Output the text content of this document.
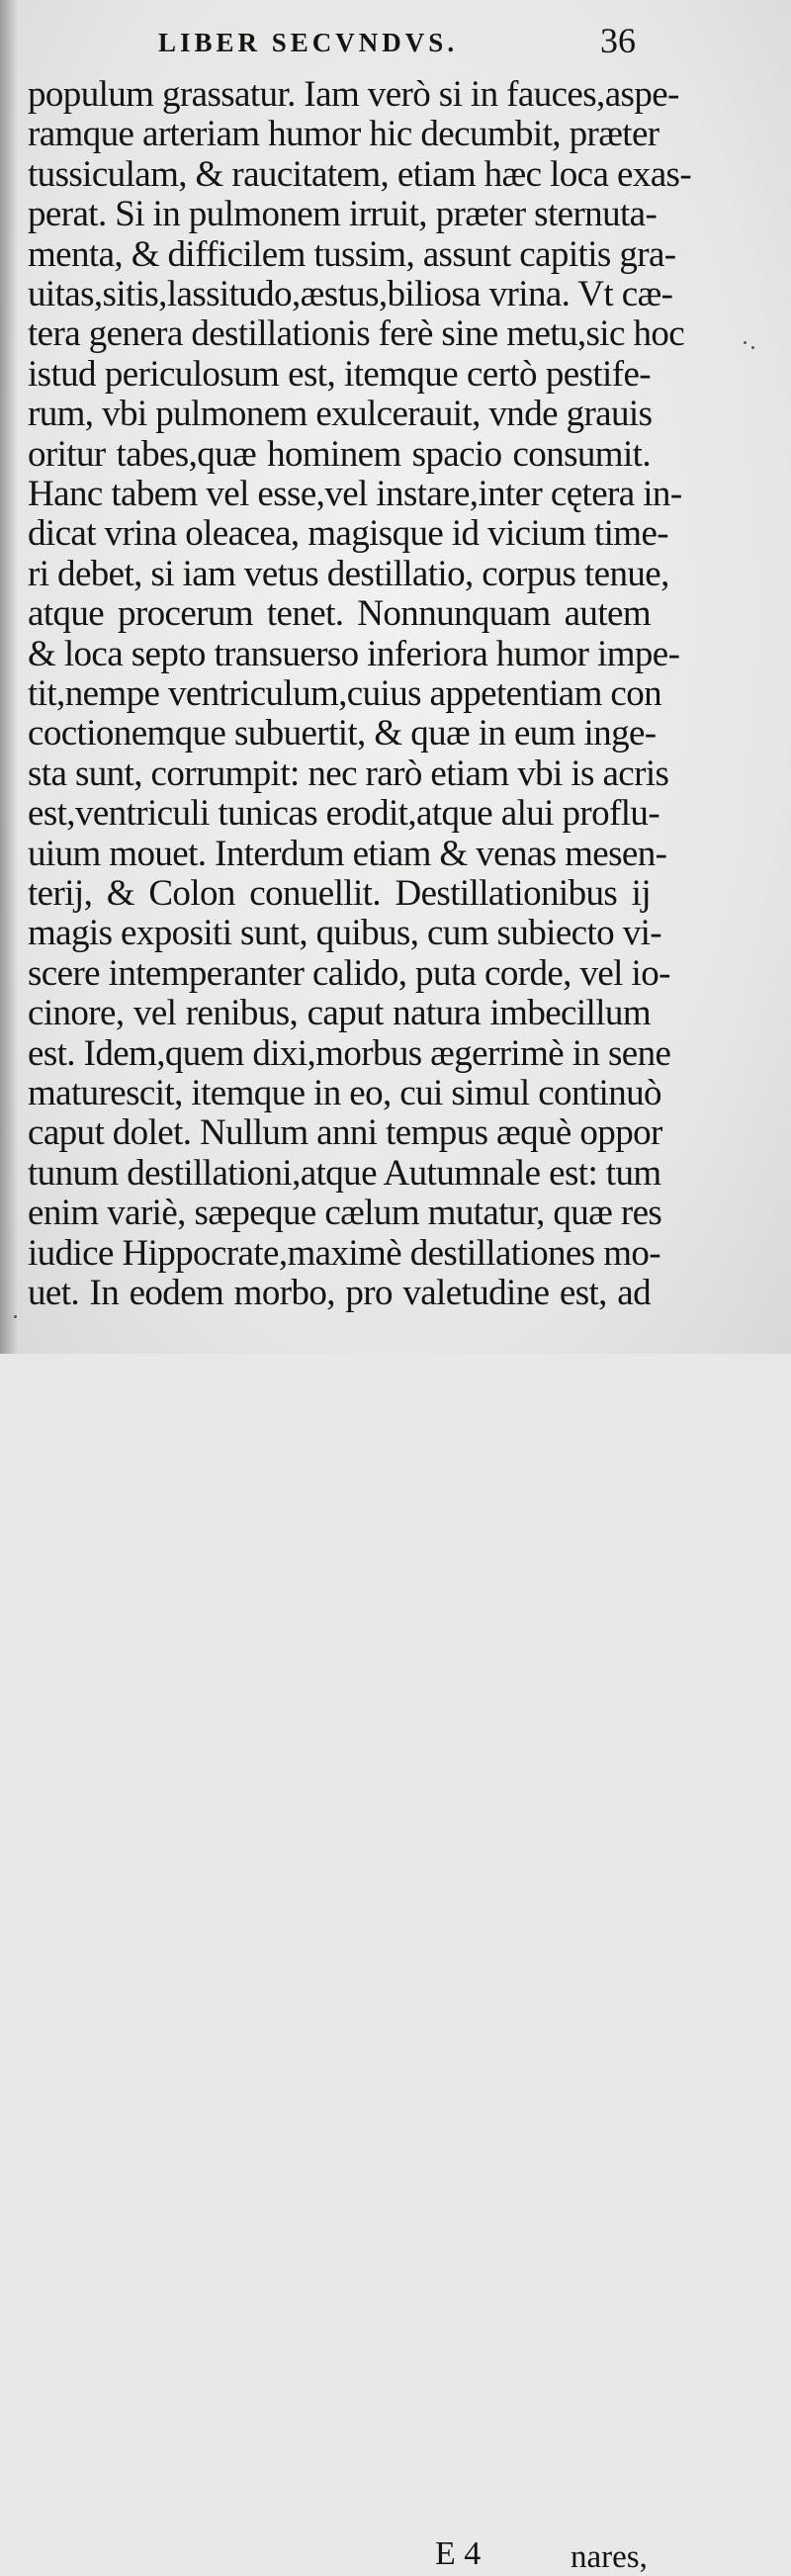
LIBER SECVNDVS.	36
populum grassatur. Iam verò si in fauces,aspe-
ramque arteriam humor hic decumbit, præter
tussiculam, & raucitatem, etiam hæc loca exas-
perat. Si in pulmonem irruit, præter sternuta-
menta, & difficilem tussim, assunt capitis gra-
uitas,sitis,lassitudo,æstus,biliosa vrina. Vt cæ-
tera genera destillationis ferè sine metu,sic hoc
istud periculosum est, itemque certò pestife-
rum, vbi pulmonem exulcerauit, vnde grauis
oritur tabes,quæ hominem spacio consumit.
Hanc tabem vel esse,vel instare,inter cętera in-
dicat vrina oleacea, magisque id vicium time-
ri debet, si iam vetus destillatio, corpus tenue,
atque procerum tenet. Nonnunquam autem
& loca septo transuerso inferiora humor impe-
tit,nempe ventriculum,cuius appetentiam con
coctionemque subuertit, & quæ in eum inge-
sta sunt, corrumpit: nec rarò etiam vbi is acris
est,ventriculi tunicas erodit,atque alui proflu-
uium mouet. Interdum etiam & venas mesen-
terij, & Colon conuellit. Destillationibus ij
magis expositi sunt, quibus, cum subiecto vi-
scere intemperanter calido, puta corde, vel io-
cinore, vel renibus, caput natura imbecillum
est. Idem,quem dixi,morbus ægerrimè in sene
maturescit, itemque in eo, cui simul continuò
caput dolet. Nullum anni tempus æquè oppor
tunum destillationi,atque Autumnale est: tum
enim variè, sæpeque cælum mutatur, quæ res
iudice Hippocrate,maximè destillationes mo-
uet. In eodem morbo, pro valetudine est, ad
E 4	nares,
